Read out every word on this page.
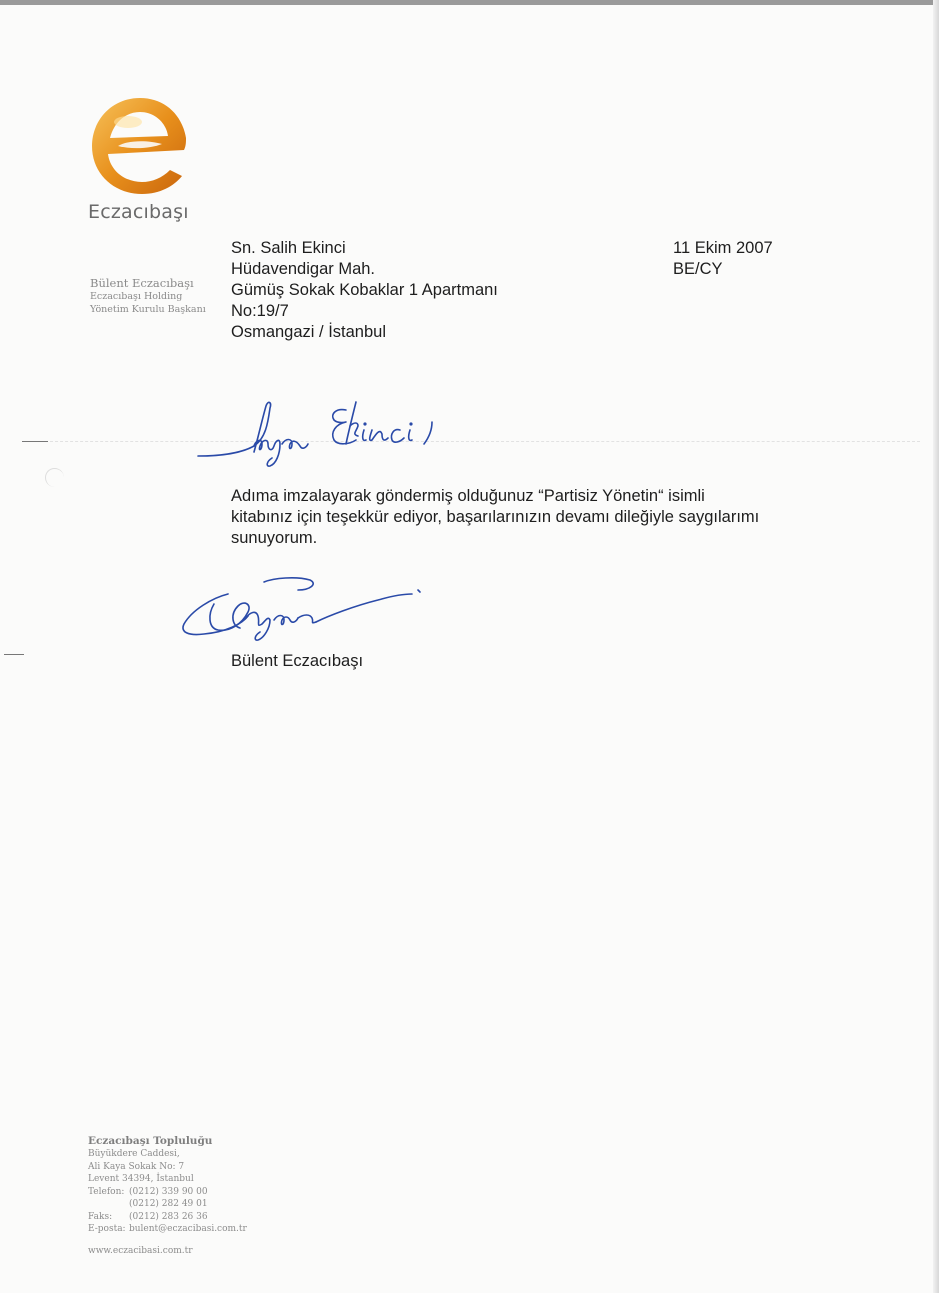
Eczacıbaşı
Bülent Eczacıbaşı
Eczacıbaşı Holding
Yönetim Kurulu Başkanı
Sn. Salih Ekinci
Hüdavendigar Mah.
Gümüş Sokak Kobaklar 1 Apartmanı
No:19/7
Osmangazi / İstanbul
11 Ekim 2007
BE/CY
Adıma imzalayarak göndermiş olduğunuz “Partisiz Yönetin“ isimli
kitabınız için teşekkür ediyor, başarılarınızın devamı dileğiyle saygılarımı
sunuyorum.
Bülent Eczacıbaşı
Eczacıbaşı Topluluğu
Büyükdere Caddesi,
Ali Kaya Sokak No: 7
Levent 34394, İstanbul
Telefon: (0212) 339 90 00
(0212) 282 49 01
Faks:	(0212) 283 26 36
E-posta: bulent@eczacibasi.com.tr
www.eczacibasi.com.tr
